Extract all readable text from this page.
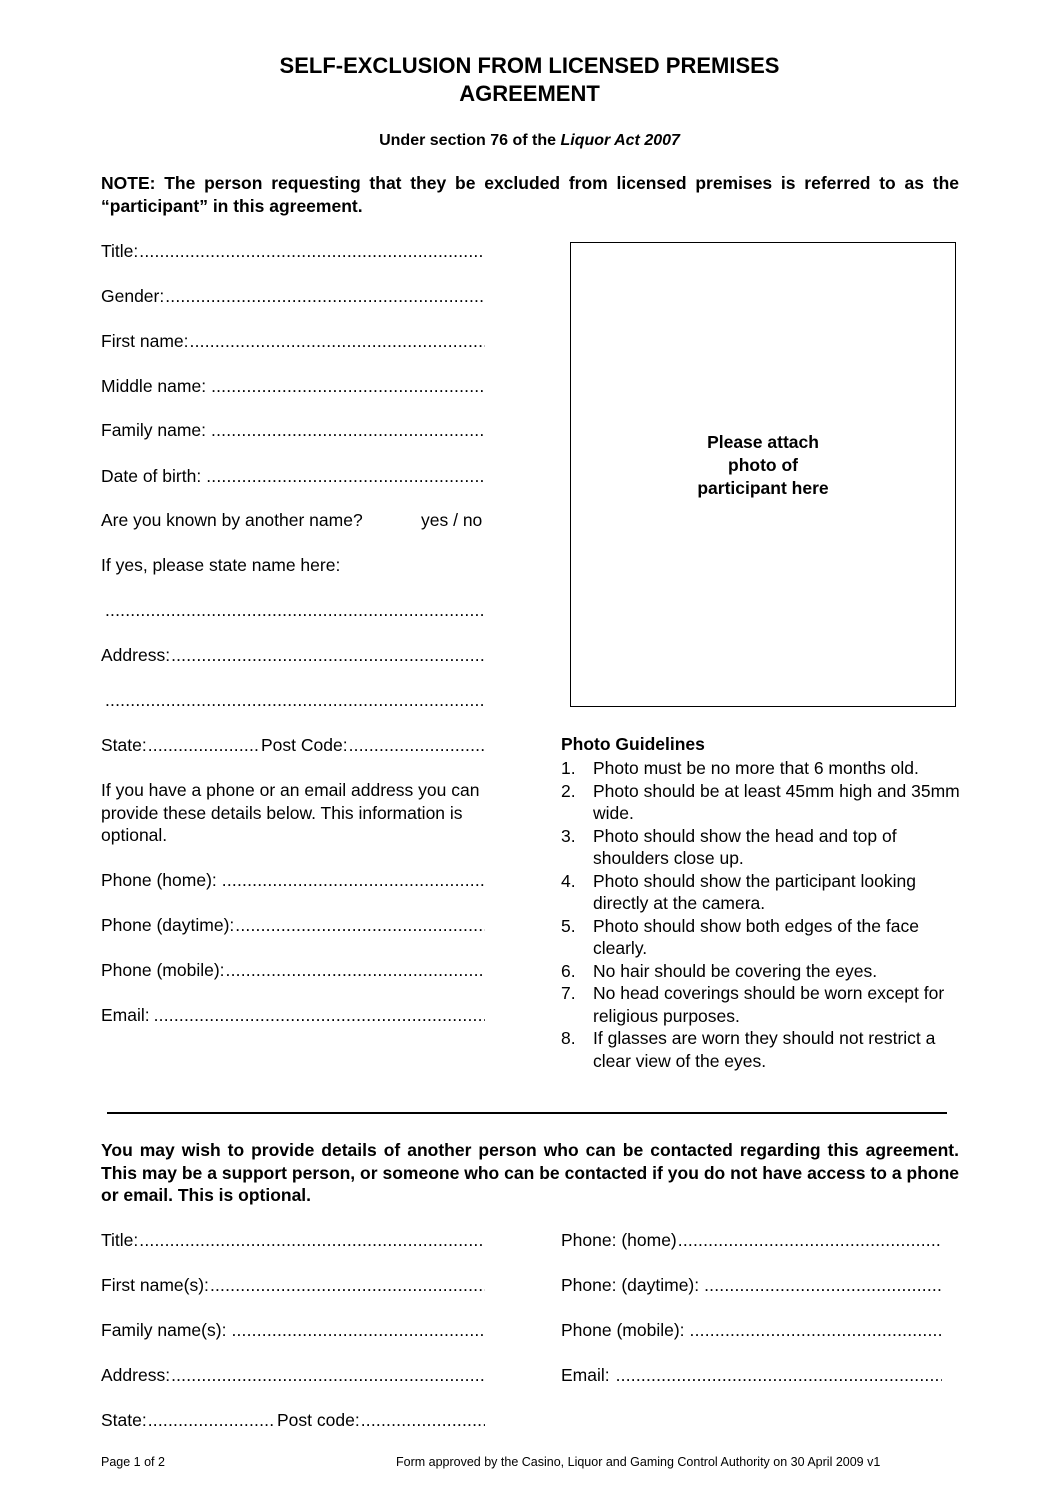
SELF-EXCLUSION FROM LICENSED PREMISES
AGREEMENT
Under section 76 of the Liquor Act 2007
NOTE: The person requesting that they be excluded from licensed premises is referred to as the “participant” in this agreement.
Title:
.....
Gender:
.....
First name:
.....
Middle name:
.....
Family name:
.....
Date of birth:
.....
Are you known by another name?	yes / no
If yes, please state name here:
.....
Address:
.....
.....
State: .....	Post Code:
.....
If you have a phone or an email address you can provide these details below. This information is optional.
Phone (home):
.....
Phone (daytime):
.....
Phone (mobile):
.....
Email:
.....
Please attach
photo of
participant here
Photo Guidelines
1. Photo must be no more that 6 months old.
2. Photo should be at least 45mm high and 35mm wide.
3. Photo should show the head and top of shoulders close up.
4. Photo should show the participant looking directly at the camera.
5. Photo should show both edges of the face clearly.
6. No hair should be covering the eyes.
7. No head coverings should be worn except for religious purposes.
8. If glasses are worn they should not restrict a clear view of the eyes.
You may wish to provide details of another person who can be contacted regarding this agreement. This may be a support person, or someone who can be contacted if you do not have access to a phone or email. This is optional.
Title:
.....
First name(s):
.....
Family name(s):
.....
Address:
.....
State: .....	Post code:
.....
Phone: (home)
.....
Phone: (daytime):
.....
Phone (mobile):
.....
Email:
.....
Page 1 of 2	Form approved by the Casino, Liquor and Gaming Control Authority on 30 April 2009 v1
